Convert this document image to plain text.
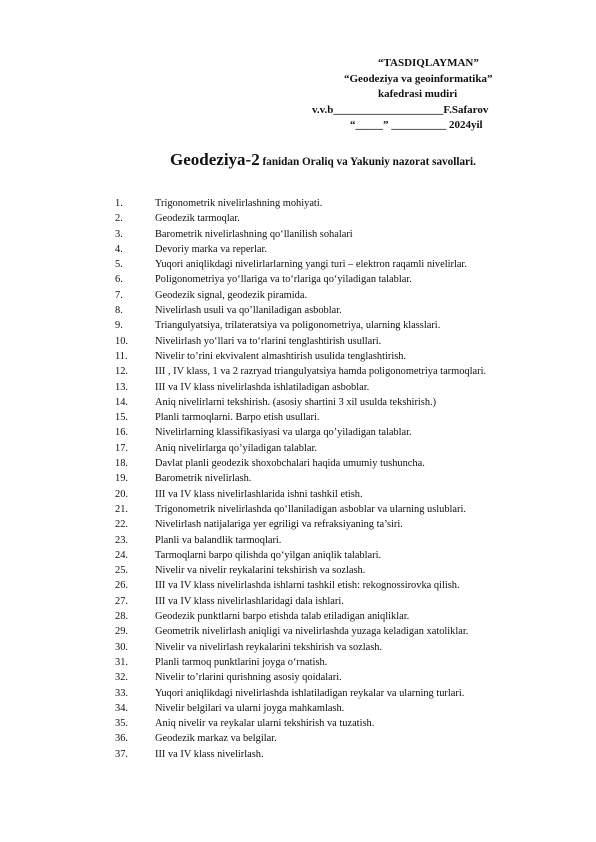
“TASDIQLAYMAN”
“Geodeziya va geoinformatika”
kafedrasi mudiri
v.v.b____________________F.Safarov
“_____” __________ 2024yil
Geodeziya-2 fanidan Oraliq va Yakuniy nazorat savollari.
1.	Trigonometrik nivelirlashning mohiyati.
2.	Geodezik tarmoqlar.
3.	Barometrik nivelirlashning qo‘llanilish sohalari
4.	Devoriy marka va reperlar.
5.	Yuqori aniqlikdagi nivelirlarlarning yangi turi – elektron raqamli nivelirlar.
6.	Poligonometriya yo‘llariga va to‘rlariga qo‘yiladigan talablar.
7.	Geodezik signal, geodezik piramida.
8.	Nivelirlash usuli va qo’llaniladigan asboblar.
9.	Triangulyatsiya, trilateratsiya va poligonometriya, ularning klasslari.
10.	Nivelirlash yo‘llari va to‘rlarini tenglashtirish usullari.
11.	Nivelir to’rini ekvivalent almashtirish usulida tenglashtirish.
12.	III , IV klass, 1 va 2 razryad triangulyatsiya hamda poligonometriya tarmoqlari.
13.	III va IV klass nivelirlashda ishlatiladigan asboblar.
14.	Aniq nivelirlarni tekshirish. (asosiy shartini 3 xil usulda tekshirish.)
15.	Planli tarmoqlarni. Barpo etish usullari.
16.	Nivelirlarning klassifikasiyasi va ularga qo’yiladigan talablar.
17.	Aniq nivelirlarga qo’yiladigan talablar.
18.	Davlat planli geodezik shoxobchalari haqida umumiy tushuncha.
19.	Barometrik nivelirlash.
20.	III va IV klass nivelirlashlarida ishni tashkil etish.
21.	Trigonometrik nivelirlashda qo‘llaniladigan asboblar va ularning uslublari.
22.	Nivelirlash natijalariga yer egriligi va refraksiyaning ta’siri.
23.	Planli va balandlik tarmoqlari.
24.	Tarmoqlarni barpo qilishda qo‘yilgan aniqlik talablari.
25.	Nivelir va nivelir reykalarini tekshirish va sozlash.
26.	III va IV klass nivelirlashda ishlarni tashkil etish: rekognossirovka qilish.
27.	III va IV klass nivelirlashlaridagi dala ishlari.
28.	Geodezik punktlarni barpo etishda talab etiladigan aniqliklar.
29.	Geometrik nivelirlash aniqligi va nivelirlashda yuzaga keladigan xatoliklar.
30.	Nivelir va nivelirlash reykalarini tekshirish va sozlash.
31.	Planli tarmoq punktlarini joyga o‘rnatish.
32.	Nivelir to’rlarini qurishning asosiy qoidalari.
33.	Yuqori aniqlikdagi nivelirlashda ishlatiladigan reykalar va ularning turlari.
34.	Nivelir belgilari va ularni joyga mahkamlash.
35.	Aniq nivelir va reykalar ularni tekshirish va tuzatish.
36.	Geodezik markaz va belgilar.
37.	III va IV klass nivelirlash.
